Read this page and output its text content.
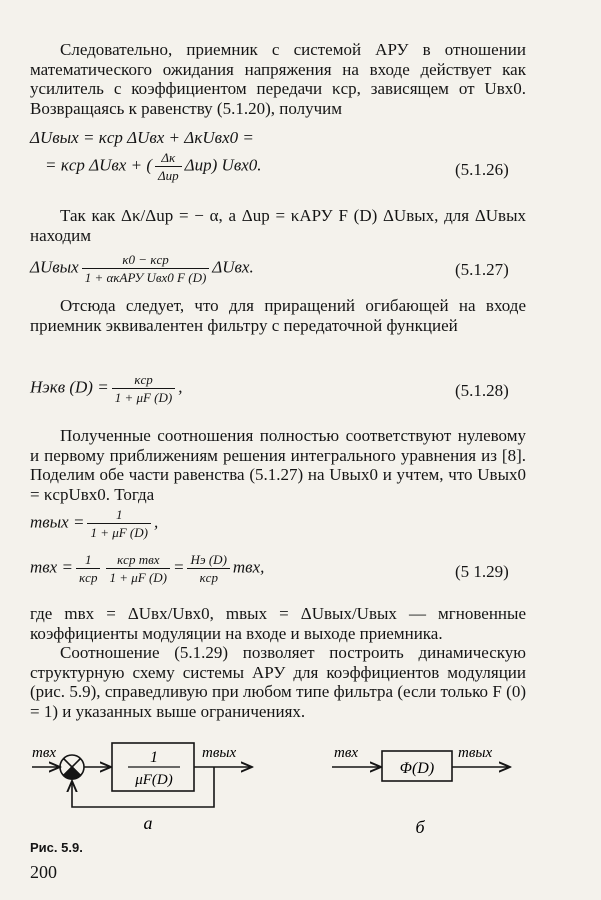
Следовательно, приемник с системой АРУ в отношении математического ожидания напряжения на входе действует как усилитель с коэффициентом передачи κср, зависящем от Uвх0. Возвращаясь к равенству (5.1.20), получим
ΔUвых = κср ΔUвх + ΔκUвх0 =
= κср ΔUвх + ( $\frac{\Delta\kappa}{\text{Δuр}} \Delta uр$) Uвх0.	(5.1.26)
Так как Δκ/Δuр = − α, а Δuр = κАРУ F (D) ΔUвых, для ΔUвых находим
ΔUвых $\frac{\text{κ0 − κср}}{\text{1 + ακАРУ Uвх0 F (D)}} \Delta Uвх$.	(5.1.27)
Отсюда следует, что для приращений огибающей на входе приемник эквивалентен фильтру с передаточной функцией
Hэкв $(D) = \frac{\text{κср}}{1 + \mu F (D)}$ ,	(5.1.28)
Полученные соотношения полностью соответствуют нулевому и первому приближениям решения интегрального уравнения из [8]. Поделим обе части равенства (5.1.27) на Uвых0 и учтем, что Uвых0 = κсрUвх0. Тогда
mвых = $\frac{1}{1 + \mu F (D)}$ ,
mвх = $\frac{1}{\text{κср}} \frac{\text{κср mвх}}{1 + \mu F (D)} = \frac{Hэ (D)}{\text{κср}}$ mвх,	(5 1.29)
где mвх = ΔUвх/Uвх0, mвых = ΔUвых/Uвых — мгновенные коэффициенты модуляции на входе и выходе приемника.
Соотношение (5.1.29) позволяет построить динамическую структурную схему системы АРУ для коэффициентов модуляции (рис. 5.9), справедливую при любом типе фильтра (если только F (0) = 1) и указанных выше ограничениях.
mвх	1
μF(D)
mвых
а
mвх
Φ(D)
mвых
б
Рис. 5.9.
200
